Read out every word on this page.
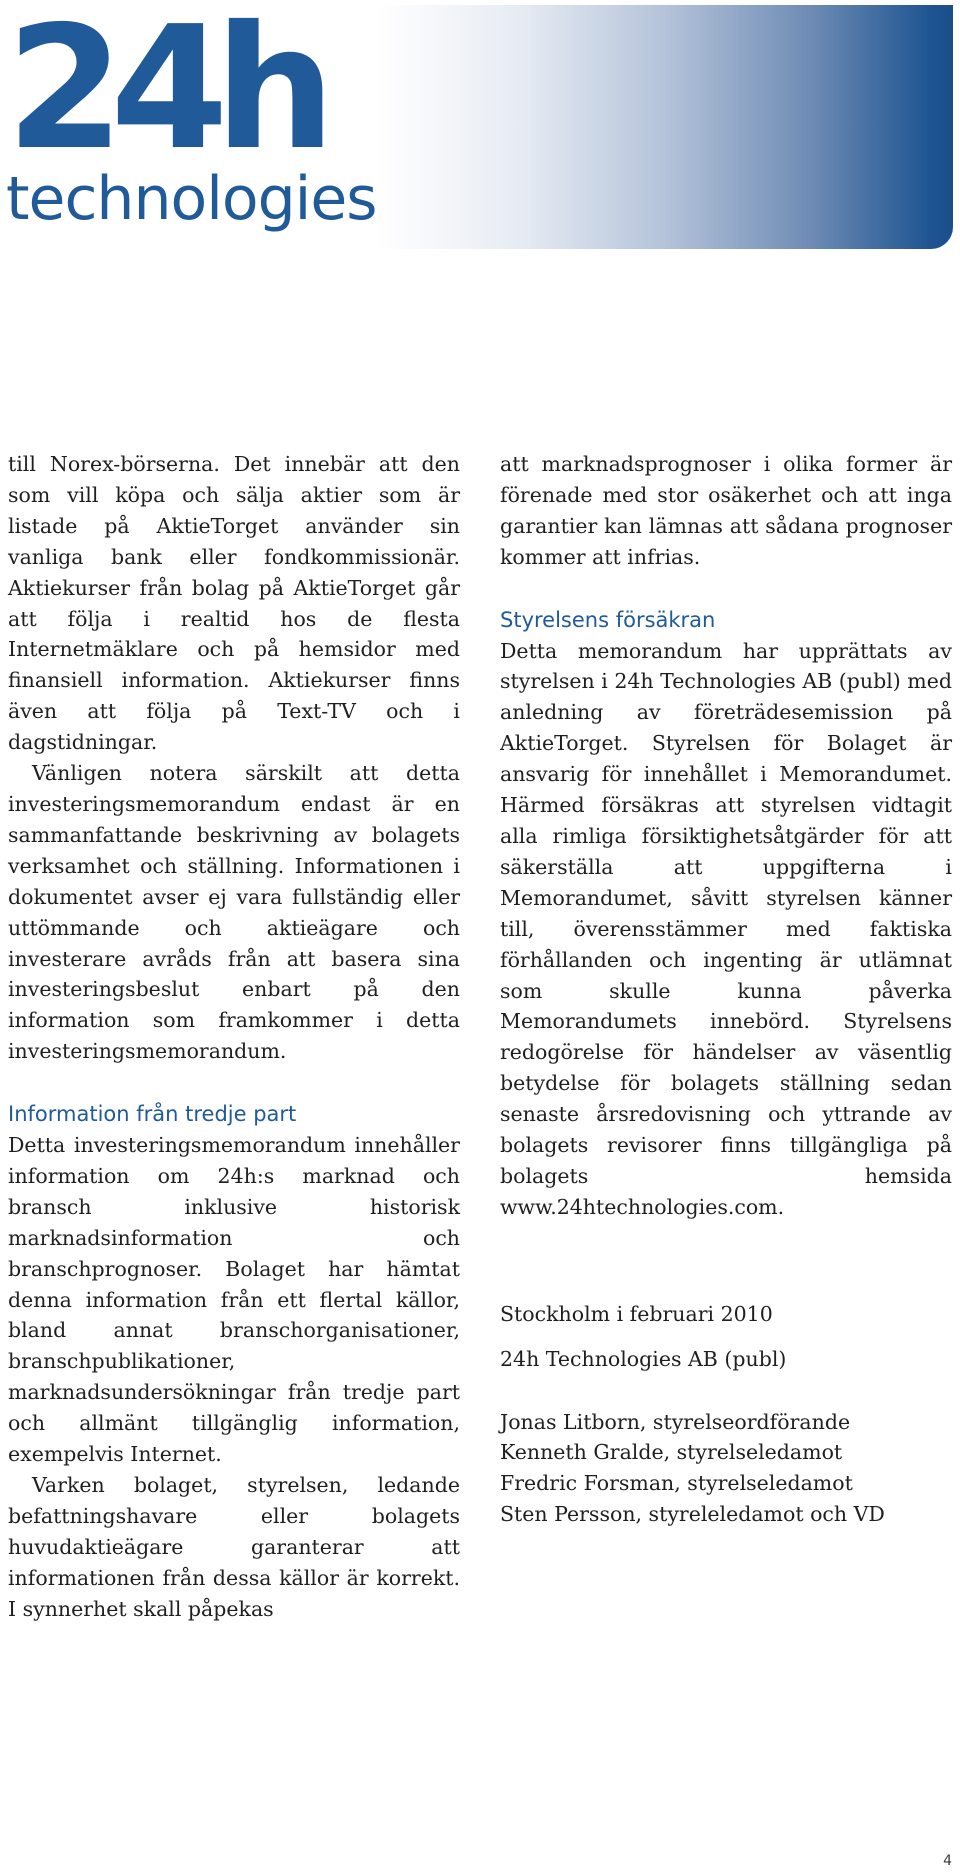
24h
technologies

till Norex-börserna. Det innebär att den som vill köpa och sälja aktier som är listade på AktieTorget använder sin vanliga bank eller fondkommissionär. Aktiekurser från bolag på AktieTorget går att följa i realtid hos de flesta Internetmäklare och på hemsidor med finansiell information. Aktiekurser finns även att följa på Text-TV och i dagstidningar.

Vänligen notera särskilt att detta investeringsmemorandum endast är en sammanfattande beskrivning av bolagets verksamhet och ställning. Informationen i dokumentet avser ej vara fullständig eller uttömmande och aktieägare och investerare avråds från att basera sina investeringsbeslut enbart på den information som framkommer i detta investeringsmemorandum.

Information från tredje part

Detta investeringsmemorandum innehåller information om 24h:s marknad och bransch inklusive historisk marknadsinformation och branschprognoser. Bolaget har hämtat denna information från ett flertal källor, bland annat branschorganisationer, branschpublikationer, marknadsundersökningar från tredje part och allmänt tillgänglig information, exempelvis Internet.

Varken bolaget, styrelsen, ledande befattningshavare eller bolagets huvudaktieägare garanterar att informationen från dessa källor är korrekt. I synnerhet skall påpekas

att marknadsprognoser i olika former är förenade med stor osäkerhet och att inga garantier kan lämnas att sådana prognoser kommer att infrias.

Styrelsens försäkran

Detta memorandum har upprättats av styrelsen i 24h Technologies AB (publ) med anledning av företrädesemission på AktieTorget. Styrelsen för Bolaget är ansvarig för innehållet i Memorandumet. Härmed försäkras att styrelsen vidtagit alla rimliga försiktighetsåtgärder för att säkerställa att uppgifterna i Memorandumet, såvitt styrelsen känner till, överensstämmer med faktiska förhållanden och ingenting är utlämnat som skulle kunna påverka Memorandumets innebörd. Styrelsens redogörelse för händelser av väsentlig betydelse för bolagets ställning sedan senaste årsredovisning och yttrande av bolagets revisorer finns tillgängliga på bolagets hemsida www.24htechnologies.com.

Stockholm i februari 2010

24h Technologies AB (publ)

Jonas Litborn, styrelseordförande

Kenneth Gralde, styrelseledamot

Fredric Forsman, styrelseledamot

Sten Persson, styreleledamot och VD

4
